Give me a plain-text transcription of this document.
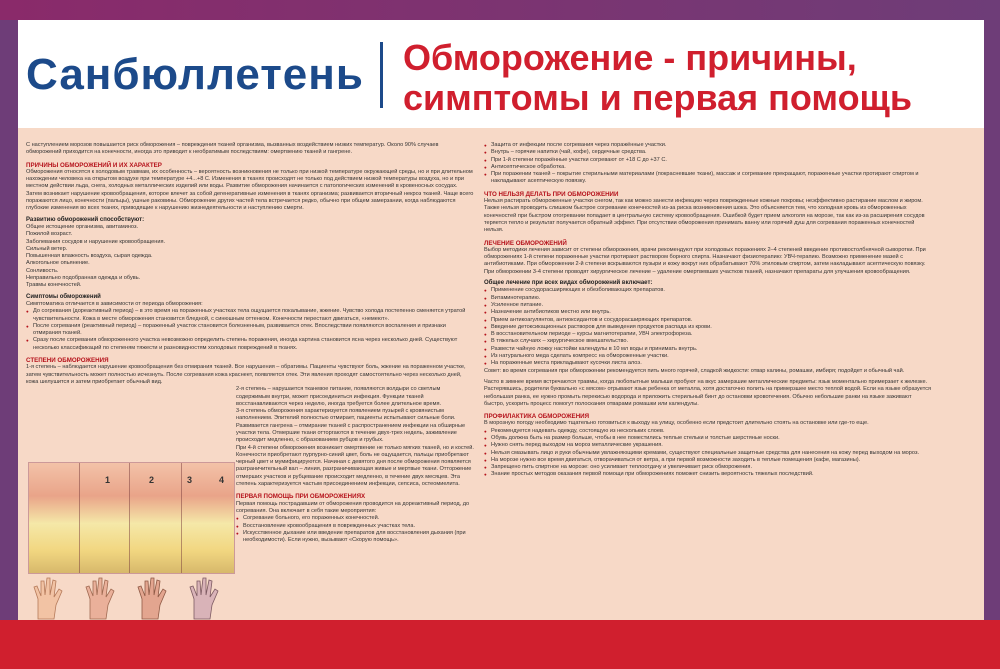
Санбюллетень Обморожение - причины,
симптомы и первая помощь

С наступлением морозов повышается риск обморожения – повреждения тканей организма, вызванных воздействием низких температур. Около 90% случаев обморожений приходится на конечности, иногда это приводит к необратимым последствиям: омертвению тканей и гангрене.

ПРИЧИНЫ ОБМОРОЖЕНИЙ И ИХ ХАРАКТЕР

Обморожения относятся к холодовым травмам, их особенность – вероятность возникновения не только при низкой температуре окружающей среды, но и при длительном нахождении человека на открытом воздухе при температуре +4...+8 С. Изменения в тканях происходят не только под действием низкой температуры воздуха, но и при местном действии льда, снега, холодных металлических изделий или воды. Развитие обморожения начинается с патологических изменений в кровеносных сосудах. Затем возникает нарушение кровообращения, которое влечет за собой дегенеративные изменения в тканях организма; развивается вторичный некроз тканей. Чаще всего поражаются лицо, конечности (пальцы), ушные раковины. Обморожение других частей тела встречается редко, обычно при общем замерзании, когда наблюдаются глубокие изменения во всех тканях, приводящие к нарушению жизнедеятельности и наступлению смерти.

Развитию обморожений способствуют:
Общее истощение организма, авитаминоз.
Пожилой возраст.
Заболевания сосудов и нарушение кровообращения.
Сильный ветер.
Повышенная влажность воздуха, сырая одежда.
Алкогольное опьянение.
Сонливость.
Неправильно подобранная одежда и обувь.
Травмы конечностей.
Симптомы обморожений

Симптоматика отличается в зависимости от периода обморожения:

● До согревания (дореактивный период) – в это время на пораженных участках тела ощущается покалывание, жжение. Чувство холода постепенно сменяется утратой чувствительности. Кожа в месте обморожения становится бледной, с синюшным оттенком. Конечности перестают двигаться, «немеют».
● После согревания (реактивный период) – пораженный участок становится болезненным, развивается отек. Впоследствии появляются воспаления и признаки отмирания тканей.
● Сразу после согревания обмороженного участка невозможно определить степень поражения, иногда картина становится ясна через несколько дней. Существуют несколько классификаций по степеням тяжести и разновидностям холодовых повреждений в тканях.
СТЕПЕНИ ОБМОРОЖЕНИЯ

1-я степень – наблюдается нарушение кровообращения без отмирания тканей. Все нарушения – обратимы. Пациенты чувствуют боль, жжение на пораженном участке, затем чувствительность может полностью исчезнуть. После согревания кожа краснеет, появляется отек. Эти явления проходят самостоятельно через несколько дней, кожа шелушится и затем приобретает обычный вид.

2-я степень – нарушается тканевое питание, появляются волдыри со светлым содержимым внутри, может присоединиться инфекция. Функции тканей восстанавливаются через неделю, иногда требуется более длительное время.

3-я степень обморожения характеризуется появлением пузырей с кровянистым наполнением. Эпителий полностью отмирает, пациенты испытывают сильные боли. Развивается гангрена – отмирание тканей с распространением инфекции на обширные участки тела. Отмершие ткани отторгаются в течение двух-трех недель, заживление происходит медленно, с образованием рубцов и грубых.

При 4-й степени обморожения возникает омертвение не только мягких тканей, но и костей. Конечности приобретают пурпурно-синий цвет, боль не ощущается, пальцы приобретают черный цвет и мумифицируются. Начиная с девятого дня после обморожения появляется разграничительный вал – линия, разграничивающая живые и мертвые ткани. Отторжение отмерших участков и рубцевание происходит медленно, в течение двух месяцев. Эта степень характеризуется частым присоединением инфекции, сепсиса, остеомиелита.

ПЕРВАЯ ПОМОЩЬ ПРИ ОБМОРОЖЕНИЯХ

Первая помощь пострадавшим от обморожения проводится на дореактивный период, до согревания. Она включает в себя такие мероприятия:

● Согревание больного, его пораженных конечностей.
● Восстановление кровообращения в поврежденных участках тела.
● Искусственное дыхание или введение препаратов для восстановления дыхания (при необходимости). Если нужно, вызывают «Скорую помощь».
1	2	3	4
● Защита от инфекции после согревания через поражённые участки.
● Внутрь – горячие напитки (чай, кофе), сердечные средства.
● При 1-й степени поражённые участки согревают от +18 С до +37 С.
● Антисептическое обработка.
● При поражении тканей – покрытие стерильными материалами (покрасневшие ткани), массаж и согревание прекращают, пораженные участки протирают спиртом и накладывают асептическую повязку.
ЧТО НЕЛЬЗЯ ДЕЛАТЬ ПРИ ОБМОРОЖЕНИИ

Нельзя растирать обмороженные участки снегом, так как можно занести инфекцию через поврежденные кожные покровы; неэффективно растирание маслом и жиром. Также нельзя проводить слишком быстрое согревание конечностей из-за риска возникновения шока. Это объясняется тем, что холодная кровь из обмороженных конечностей при быстром отогревании попадает в центральную систему кровообращения. Ошибкой будет прием алкоголя на морозе, так как из-за расширения сосудов теряется тепло и результат получается обратный эффект. При отсутствии обморожения принимать ванну или горячий душ для согревания пораженных конечностей нельзя.

ЛЕЧЕНИЕ ОБМОРОЖЕНИЙ

Выбор методики лечения зависит от степени обморожения, врачи рекомендуют при холодовых поражениях 2–4 степеней введение противостолбнячной сыворотки. При обморожениях 1-й степени пораженные участки протирают раствором борного спирта. Назначают физиотерапию: УВЧ-терапию. Возможно применение мазей с антибиотиками. При обморожении 2-й степени вскрываются пузыри и кожу вокруг них обрабатывают 70% этиловым спиртом, затем накладывают асептическую повязку. При обморожении 3-4 степени проводят хирургическое лечение – удаление омертвевших участков тканей, назначают препараты для улучшения кровообращения.

Общее лечение при всех видах обморожений включает:
● Применение сосудорасширяющих и обезболивающих препаратов.
● Витаминотерапию.
● Усиленное питание.
● Назначение антибиотиков местно или внутрь.
● Прием антикоагулянтов, антиоксидантов и сосудорасширяющих препаратов.
● Введение детоксикационных растворов для выведения продуктов распада из крови.
● В восстановительном периоде – курсы магнитотерапии, УВЧ электрофореза.
● В тяжелых случаях – хирургическое вмешательство.
● Развести чайную ложку настойки календулы в 10 мл воды и принимать внутрь.
● Из натурального меда сделать компресс на обмороженные участки.
● На пораженные места прикладывают кусочки листа алоэ.

Совет: во время согревания при обморожении рекомендуется пить много горячей, сладкой жидкости: отвар калины, ромашки, имбиря; подойдет и обычный чай.

Часто в зимнее время встречаются травмы, когда любопытные малыши пробуют на вкус замерзшие металлические предметы: язык моментально примерзает к железке. Растерявшись, родители буквально «с мясом» отрывают язык ребенка от металла, хотя достаточно полить на примерзшее место теплой водой. Если на языке образуется небольшая ранка, ее нужно промыть перекисью водорода и приложить стерильный бинт до остановки кровотечения. Обычно небольшие ранки на языке заживают быстро, ускорить процесс помогут полоскания отварами ромашки или календулы.

ПРОФИЛАКТИКА ОБМОРОЖЕНИЯ

В морозную погоду необходимо тщательно готовиться к выходу на улицу, особенно если предстоит длительно стоять на остановке или где-то еще.

● Рекомендуется надевать одежду, состоящую из нескольких слоев.
● Обувь должна быть на размер больше, чтобы в нее поместились теплые стельки и толстые шерстяные носки.
● Нужно снять перед выходом на мороз металлические украшения.
● Нельзя смазывать лицо и руки обычными увлажняющими кремами, существуют специальные защитные средства для нанесения на кожу перед выходом на мороз.
● На морозе нужно все время двигаться, отворачиваться от ветра, а при первой возможности заходить в теплые помещения (кафе, магазины).
● Запрещено пить спиртное на морозе: оно усиливает теплоотдачу и увеличивает риск обморожения.
● Знание простых методов оказания первой помощи при обморожениях поможет снизить вероятность тяжелых последствий.
